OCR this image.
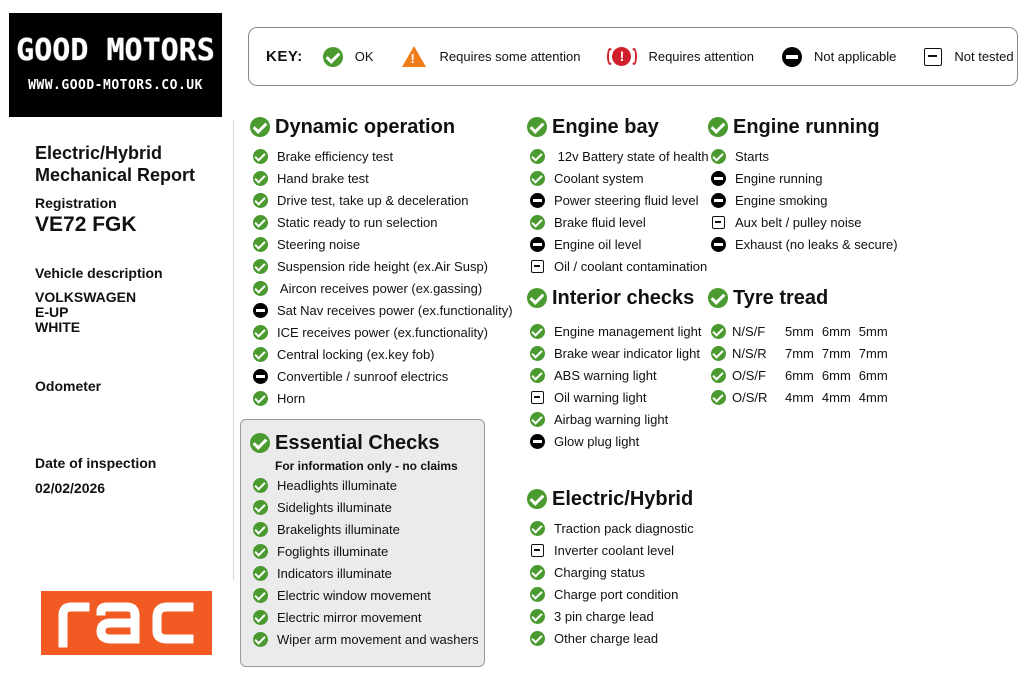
GOOD MOTORS
WWW.GOOD-MOTORS.CO.UK
Electric/Hybrid Mechanical Report
Registration
VE72 FGK
Vehicle description
VOLKSWAGEN
E-UP
WHITE
Odometer
Date of inspection
02/02/2026
KEY:	OK	! Requires some attention	!	Requires attention	Not applicable	Not tested
Dynamic operation
Brake efficiency test
Hand brake test
Drive test, take up & deceleration
Static ready to run selection
Steering noise
Suspension ride height (ex.Air Susp)
Aircon receives power (ex.gassing)
Sat Nav receives power (ex.functionality)
ICE receives power (ex.functionality)
Central locking (ex.key fob)
Convertible / sunroof electrics
Horn
Essential Checks
For information only - no claims
Headlights illuminate
Sidelights illuminate
Brakelights illuminate
Foglights illuminate
Indicators illuminate
Electric window movement
Electric mirror movement
Wiper arm movement and washers
Engine bay
12v Battery state of health
Coolant system
Power steering fluid level
Brake fluid level
Engine oil level
Oil / coolant contamination
Interior checks
Engine management light
Brake wear indicator light
ABS warning light
Oil warning light
Airbag warning light
Glow plug light
Electric/Hybrid
Traction pack diagnostic
Inverter coolant level
Charging status
Charge port condition
3 pin charge lead
Other charge lead
Engine running
Starts
Engine running
Engine smoking
Aux belt / pulley noise
Exhaust (no leaks & secure)
Tyre tread
N/S/F	5mm 6mm 5mm
N/S/R	7mm 7mm 7mm
O/S/F	6mm 6mm 6mm
O/S/R	4mm 4mm 4mm
